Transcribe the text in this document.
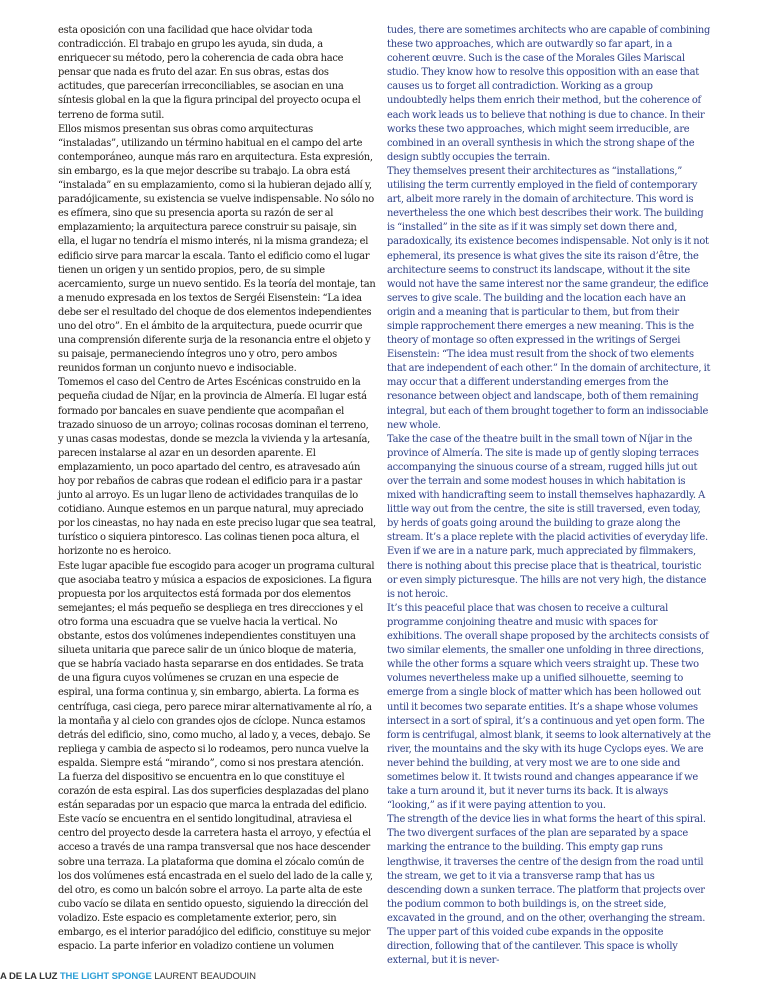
esta oposición con una facilidad que hace olvidar toda contradicción. El trabajo en grupo les ayuda, sin duda, a enriquecer su método, pero la coherencia de cada obra hace pensar que nada es fruto del azar. En sus obras, estas dos actitudes, que parecerían irreconciliables, se asocian en una síntesis global en la que la figura principal del proyecto ocupa el terreno de forma sutil.

Ellos mismos presentan sus obras como arquitecturas “instaladas”, utilizando un término habitual en el campo del arte contemporáneo, aunque más raro en arquitectura. Esta expresión, sin embargo, es la que mejor describe su trabajo. La obra está “instalada” en su emplazamiento, como si la hubieran dejado allí y, paradójicamente, su existencia se vuelve indispensable. No sólo no es efímera, sino que su presencia aporta su razón de ser al emplazamiento; la arquitectura parece construir su paisaje, sin ella, el lugar no tendría el mismo interés, ni la misma grandeza; el edificio sirve para marcar la escala. Tanto el edificio como el lugar tienen un origen y un sentido propios, pero, de su simple acercamiento, surge un nuevo sentido. Es la teoría del montaje, tan a menudo expresada en los textos de Sergéi Eisenstein: “La idea debe ser el resultado del choque de dos elementos independientes uno del otro”. En el ámbito de la arquitectura, puede ocurrir que una comprensión diferente surja de la resonancia entre el objeto y su paisaje, permaneciendo íntegros uno y otro, pero ambos reunidos forman un conjunto nuevo e indisociable.

Tomemos el caso del Centro de Artes Escénicas construido en la pequeña ciudad de Níjar, en la provincia de Almería. El lugar está formado por bancales en suave pendiente que acompañan el trazado sinuoso de un arroyo; colinas rocosas dominan el terreno, y unas casas modestas, donde se mezcla la vivienda y la artesanía, parecen instalarse al azar en un desorden aparente. El emplazamiento, un poco apartado del centro, es atravesado aún hoy por rebaños de cabras que rodean el edificio para ir a pastar junto al arroyo. Es un lugar lleno de actividades tranquilas de lo cotidiano. Aunque estemos en un parque natural, muy apreciado por los cineastas, no hay nada en este preciso lugar que sea teatral, turístico o siquiera pintoresco. Las colinas tienen poca altura, el horizonte no es heroico.

Este lugar apacible fue escogido para acoger un programa cultural que asociaba teatro y música a espacios de exposiciones. La figura propuesta por los arquitectos está formada por dos elementos semejantes; el más pequeño se despliega en tres direcciones y el otro forma una escuadra que se vuelve hacia la vertical. No obstante, estos dos volúmenes independientes constituyen una silueta unitaria que parece salir de un único bloque de materia, que se habría vaciado hasta separarse en dos entidades. Se trata de una figura cuyos volúmenes se cruzan en una especie de espiral, una forma continua y, sin embargo, abierta. La forma es centrífuga, casi ciega, pero parece mirar alternativamente al río, a la montaña y al cielo con grandes ojos de cíclope. Nunca estamos detrás del edificio, sino, como mucho, al lado y, a veces, debajo. Se repliega y cambia de aspecto si lo rodeamos, pero nunca vuelve la espalda. Siempre está “mirando”, como si nos prestara atención.

La fuerza del dispositivo se encuentra en lo que constituye el corazón de esta espiral. Las dos superficies desplazadas del plano están separadas por un espacio que marca la entrada del edificio. Este vacío se encuentra en el sentido longitudinal, atraviesa el centro del proyecto desde la carretera hasta el arroyo, y efectúa el acceso a través de una rampa transversal que nos hace descender sobre una terraza. La plataforma que domina el zócalo común de los dos volúmenes está encastrada en el suelo del lado de la calle y, del otro, es como un balcón sobre el arroyo. La parte alta de este cubo vacío se dilata en sentido opuesto, siguiendo la dirección del voladizo. Este espacio es completamente exterior, pero, sin embargo, es el interior paradójico del edificio, constituye su mejor espacio. La parte inferior en voladizo contiene un volumen

tudes, there are sometimes architects who are capable of combining these two approaches, which are outwardly so far apart, in a coherent œuvre. Such is the case of the Morales Giles Mariscal studio. They know how to resolve this opposition with an ease that causes us to forget all contradiction. Working as a group undoubtedly helps them enrich their method, but the coherence of each work leads us to believe that nothing is due to chance. In their works these two approaches, which might seem irreducible, are combined in an overall synthesis in which the strong shape of the design subtly occupies the terrain.

They themselves present their architectures as “installations,” utilising the term currently employed in the field of contemporary art, albeit more rarely in the domain of architecture. This word is nevertheless the one which best describes their work. The building is “installed” in the site as if it was simply set down there and, paradoxically, its existence becomes indispensable. Not only is it not ephemeral, its presence is what gives the site its raison d’être, the architecture seems to construct its landscape, without it the site would not have the same interest nor the same grandeur, the edifice serves to give scale. The building and the location each have an origin and a meaning that is particular to them, but from their simple rapprochement there emerges a new meaning. This is the theory of montage so often expressed in the writings of Sergei Eisenstein: “The idea must result from the shock of two elements that are independent of each other.” In the domain of architecture, it may occur that a different understanding emerges from the resonance between object and landscape, both of them remaining integral, but each of them brought together to form an indissociable new whole.

Take the case of the theatre built in the small town of Níjar in the province of Almería. The site is made up of gently sloping terraces accompanying the sinuous course of a stream, rugged hills jut out over the terrain and some modest houses in which habitation is mixed with handicrafting seem to install themselves haphazardly. A little way out from the centre, the site is still traversed, even today, by herds of goats going around the building to graze along the stream. It’s a place replete with the placid activities of everyday life. Even if we are in a nature park, much appreciated by filmmakers, there is nothing about this precise place that is theatrical, touristic or even simply picturesque. The hills are not very high, the distance is not heroic.

It’s this peaceful place that was chosen to receive a cultural programme conjoining theatre and music with spaces for exhibitions. The overall shape proposed by the architects consists of two similar elements, the smaller one unfolding in three directions, while the other forms a square which veers straight up. These two volumes nevertheless make up a unified silhouette, seeming to emerge from a single block of matter which has been hollowed out until it becomes two separate entities. It’s a shape whose volumes intersect in a sort of spiral, it’s a continuous and yet open form. The form is centrifugal, almost blank, it seems to look alternatively at the river, the mountains and the sky with its huge Cyclops eyes. We are never behind the building, at very most we are to one side and sometimes below it. It twists round and changes appearance if we take a turn around it, but it never turns its back. It is always “looking,” as if it were paying attention to you.

The strength of the device lies in what forms the heart of this spiral. The two divergent surfaces of the plan are separated by a space marking the entrance to the building. This empty gap runs lengthwise, it traverses the centre of the design from the road until the stream, we get to it via a transverse ramp that has us descending down a sunken terrace. The platform that projects over the podium common to both buildings is, on the street side, excavated in the ground, and on the other, overhanging the stream. The upper part of this voided cube expands in the opposite direction, following that of the cantilever. This space is wholly external, but it is never-

A DE LA LUZ THE LIGHT SPONGE LAURENT BEAUDOUIN
